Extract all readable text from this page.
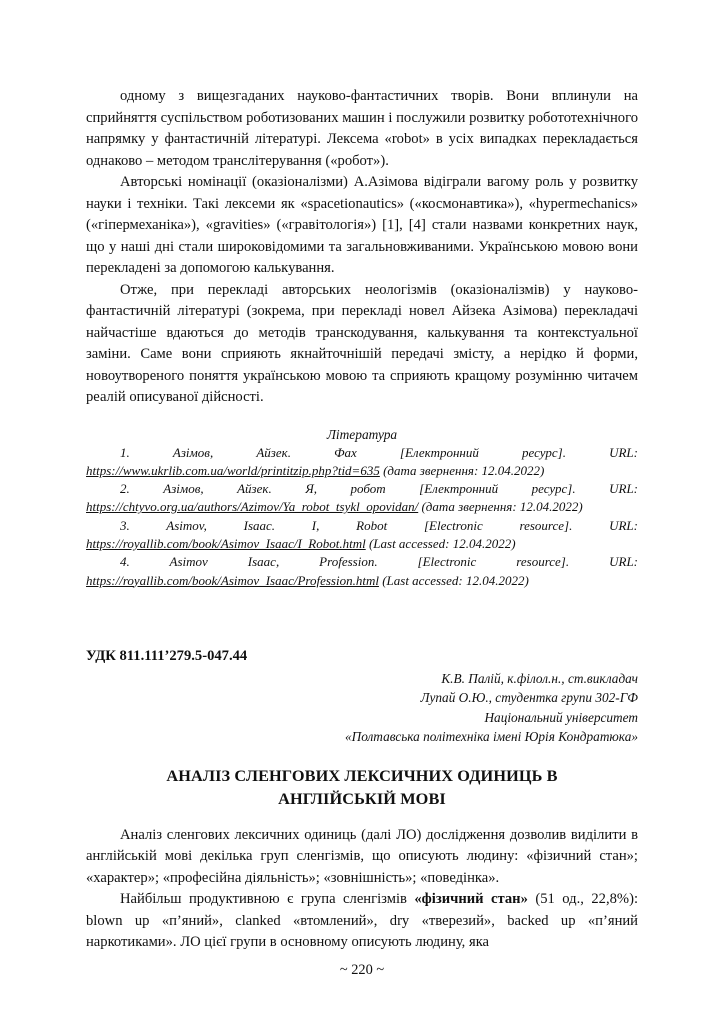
одному з вищезгаданих науково-фантастичних творів. Вони вплинули на сприйняття суспільством роботизованих машин і послужили розвитку робототехнічного напрямку у фантастичній літературі. Лексема «robot» в усіх випадках перекладається однаково – методом транслітерування («робот»).

Авторські номінації (оказіоналізми) А.Азімова відіграли вагому роль у розвитку науки і техніки. Такі лексеми як «spacetionautics» («космонавтика»), «hypermechanics» («гіпермеханіка»), «gravities» («гравітологія») [1], [4] стали назвами конкретних наук, що у наші дні стали широковідомими та загальновживаними. Українською мовою вони перекладені за допомогою калькування.

Отже, при перекладі авторських неологізмів (оказіоналізмів) у науково-фантастичній літературі (зокрема, при перекладі новел Айзека Азімова) перекладачі найчастіше вдаються до методів транскодування, калькування та контекстуальної заміни. Саме вони сприяють якнайточнішій передачі змісту, а нерідко й форми, новоутвореного поняття українською мовою та сприяють кращому розумінню читачем реалій описуваної дійсності.

Література

1. Азімов, Айзек. Фах [Електронний ресурс]. URL:
https://www.ukrlib.com.ua/world/printitzip.php?tid=635 (дата звернення: 12.04.2022)

2. Азімов, Айзек. Я, робот [Електронний ресурс]. URL:
https://chtyvo.org.ua/authors/Azimov/Ya_robot_tsykl_opovidan/ (дата звернення: 12.04.2022)

3. Asimov, Isaac. I, Robot [Electronic resource]. URL:
https://royallib.com/book/Asimov_Isaac/I_Robot.html (Last accessed: 12.04.2022)

4. Asimov Isaac, Profession. [Electronic resource]. URL:
https://royallib.com/book/Asimov_Isaac/Profession.html (Last accessed: 12.04.2022)

УДК 811.111’279.5-047.44

К.В. Палій, к.філол.н., ст.викладач

Лупай О.Ю., студентка групи 302-ГФ

Національний університет

«Полтавська політехніка імені Юрія Кондратюка»

АНАЛІЗ СЛЕНГОВИХ ЛЕКСИЧНИХ ОДИНИЦЬ В
АНГЛІЙСЬКІЙ МОВІ

Аналіз сленгових лексичних одиниць (далі ЛО) дослідження дозволив виділити в англійській мові декілька груп сленгізмів, що описують людину: «фізичний стан»; «характер»; «професійна діяльність»; «зовнішність»; «поведінка».

Найбільш продуктивною є група сленгізмів «фізичний стан» (51 од., 22,8%): blown up «п’яний», clanked «втомлений», dry «тверезий», backed up «п’яний наркотиками». ЛО цієї групи в основному описують людину, яка

~ 220 ~
